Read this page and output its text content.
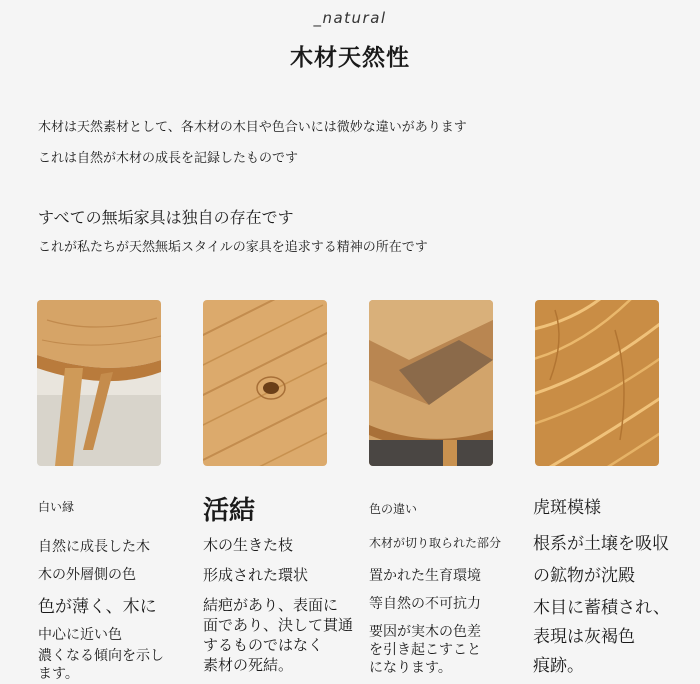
_natural
木材天然性
木材は天然素材として、各木材の木目や色合いには微妙な違いがあります
これは自然が木材の成長を記録したものです
すべての無垢家具は独自の存在です
これが私たちが天然無垢スタイルの家具を追求する精神の所在です
白い縁
自然に成長した木
木の外層側の色
色が薄く、木に
中心に近い色
濃くなる傾向を示し
ます。
活結
木の生きた枝
形成された環状
結疤があり、表面に
面であり、決して貫通
するものではなく
素材の死結。
色の違い
木材が切り取られた部分
置かれた生育環境
等自然の不可抗力
要因が実木の色差
を引き起こすこと
になります。
虎斑模様
根系が土壌を吸収
の鉱物が沈殿
木目に蓄積され、
表現は灰褐色
痕跡。
